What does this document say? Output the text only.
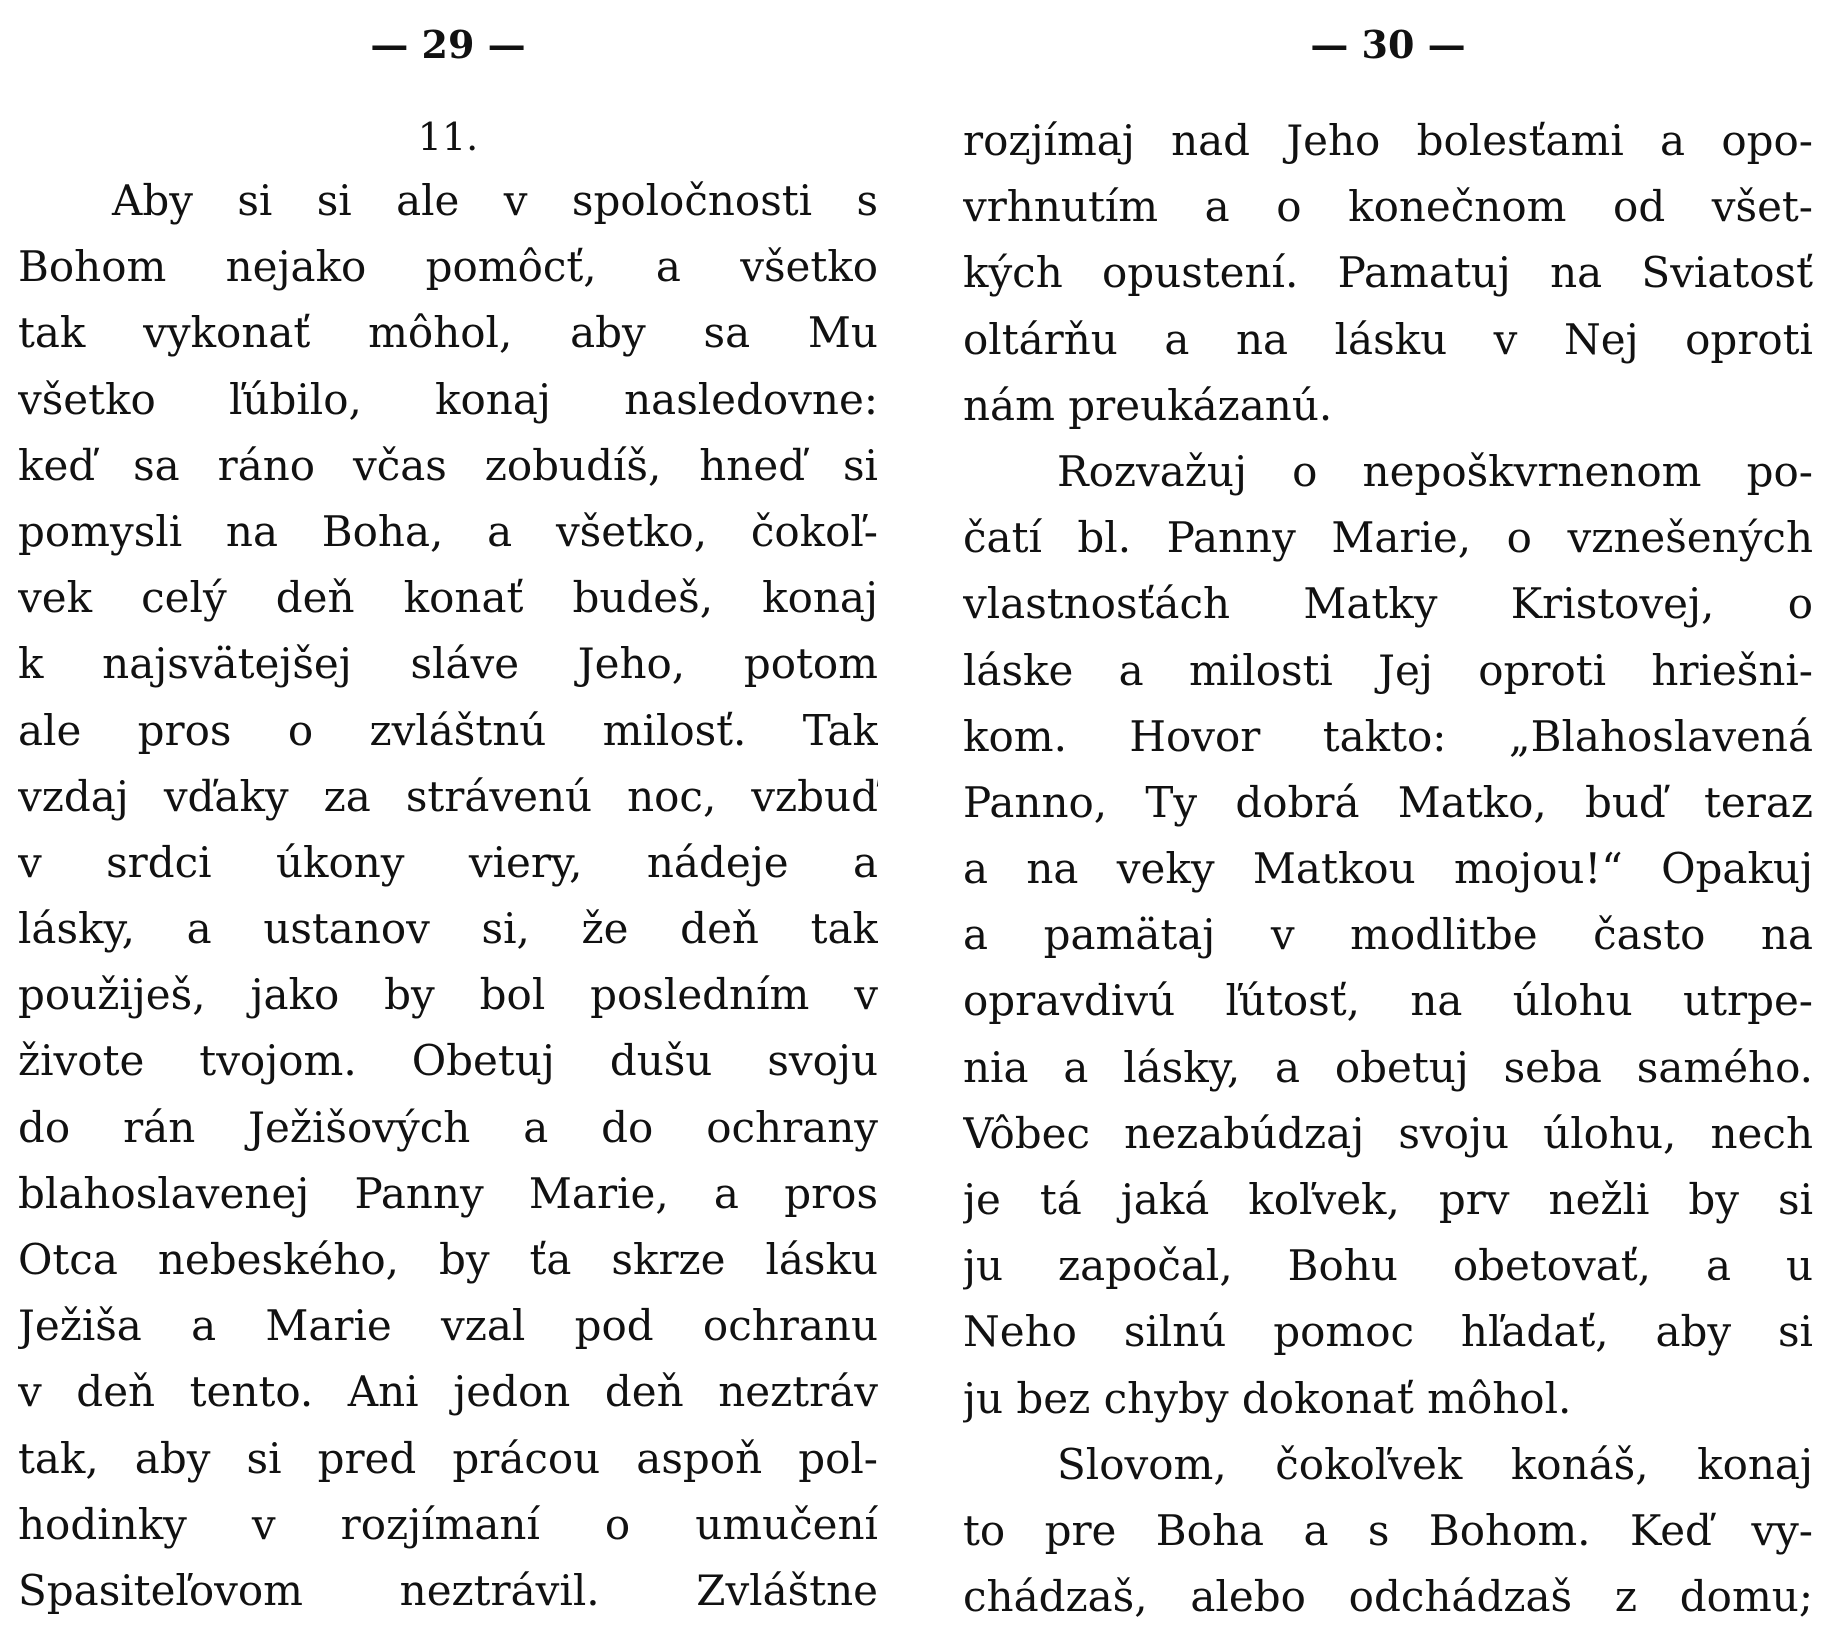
— 29 —
11.
Aby si si ale v spoločnosti s
Bohom nejako pomôcť, a všetko
tak vykonať môhol, aby sa Mu
všetko ľúbilo, konaj nasledovne:
keď sa ráno včas zobudíš, hneď si
pomysli na Boha, a všetko, čokoľ-
vek celý deň konať budeš, konaj
k najsvätejšej sláve Jeho, potom
ale pros o zvláštnú milosť. Tak
vzdaj vďaky za strávenú noc, vzbuď
v srdci úkony viery, nádeje a
lásky, a ustanov si, že deň tak
použiješ, jako by bol posledním v
živote tvojom. Obetuj dušu svoju
do rán Ježišových a do ochrany
blahoslavenej Panny Marie, a pros
Otca nebeského, by ťa skrze lásku
Ježiša a Marie vzal pod ochranu
v deň tento. Ani jedon deň neztráv
tak, aby si pred prácou aspoň pol-
hodinky v rozjímaní o umučení
Spasiteľovom neztrávil. Zvláštne
— 30 —
rozjímaj nad Jeho bolesťami a opo-
vrhnutím a o konečnom od všet-
kých opustení. Pamatuj na Sviatosť
oltárňu a na lásku v Nej oproti
nám preukázanú.
Rozvažuj o nepoškvrnenom po-
čatí bl. Panny Marie, o vznešených
vlastnosťách Matky Kristovej, o
láske a milosti Jej oproti hriešni-
kom. Hovor takto: „Blahoslavená
Panno, Ty dobrá Matko, buď teraz
a na veky Matkou mojou!“ Opakuj
a pamätaj v modlitbe často na
opravdivú ľútosť, na úlohu utrpe-
nia a lásky, a obetuj seba samého.
Vôbec nezabúdzaj svoju úlohu, nech
je tá jaká koľvek, prv nežli by si
ju započal, Bohu obetovať, a u
Neho silnú pomoc hľadať, aby si
ju bez chyby dokonať môhol.
Slovom, čokoľvek konáš, konaj
to pre Boha a s Bohom. Keď vy-
chádzaš, alebo odchádzaš z domu;
